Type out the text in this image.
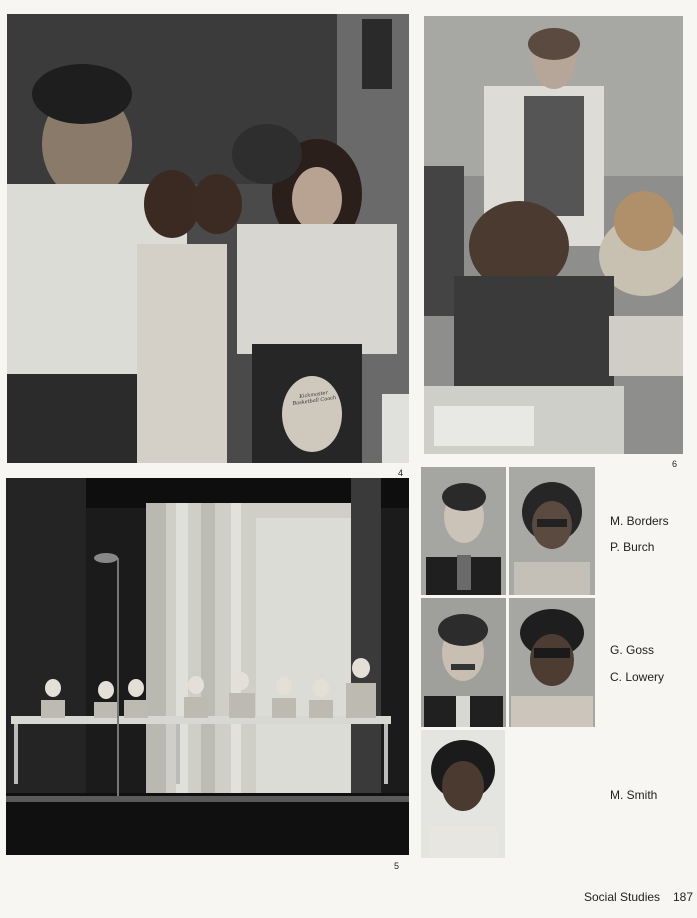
Kickmaster Basketball Coach
4
6
5
M. Borders
P. Burch
G. Goss
C. Lowery
M. Smith
Social Studies 187
